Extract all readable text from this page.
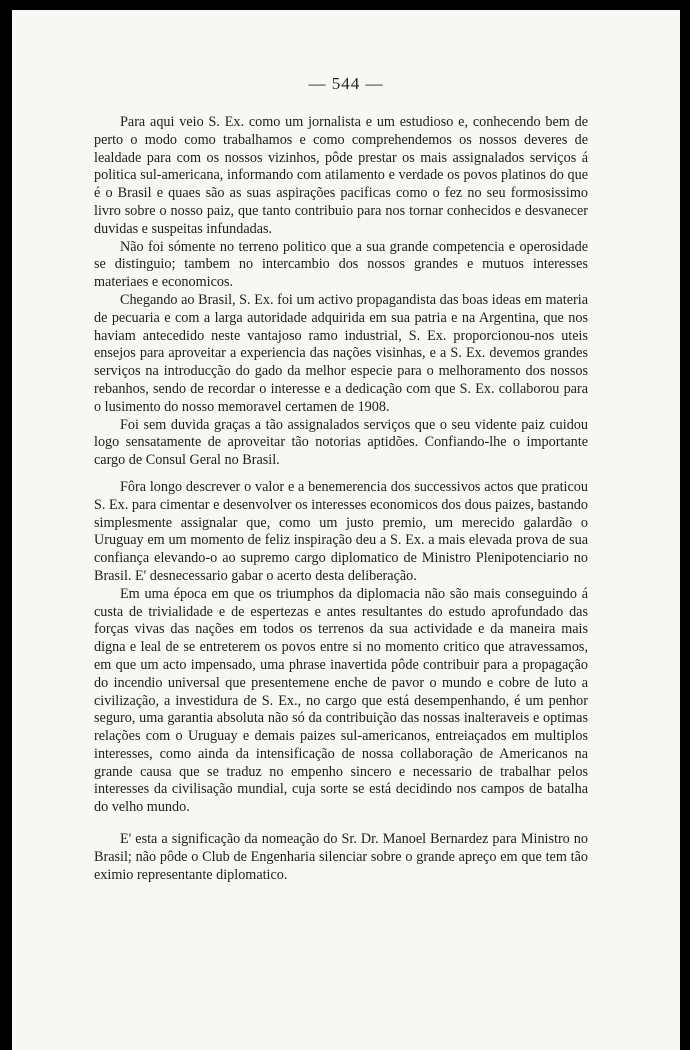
— 544 —

Para aqui veio S. Ex. como um jornalista e um estudioso e, conhecendo bem de perto o modo como trabalhamos e como comprehendemos os nossos deveres de lealdade para com os nossos vizinhos, pôde prestar os mais assignalados serviços á politica sul-americana, informando com atilamento e verdade os povos platinos do que é o Brasil e quaes são as suas aspirações pacificas como o fez no seu formosissimo livro sobre o nosso paiz, que tanto contribuio para nos tornar conhecidos e desvanecer duvidas e suspeitas infundadas.

Não foi sómente no terreno politico que a sua grande competencia e operosidade se distinguio; tambem no intercambio dos nossos grandes e mutuos interesses materiaes e economicos.

Chegando ao Brasil, S. Ex. foi um activo propagandista das boas ideas em materia de pecuaria e com a larga autoridade adquirida em sua patria e na Argentina, que nos haviam antecedido neste vantajoso ramo industrial, S. Ex. proporcionou-nos uteis ensejos para aproveitar a experiencia das nações visinhas, e a S. Ex. devemos grandes serviços na introducção do gado da melhor especie para o melhoramento dos nossos rebanhos, sendo de recordar o interesse e a dedicação com que S. Ex. collaborou para o lusimento do nosso memoravel certamen de 1908.

Foi sem duvida graças a tão assignalados serviços que o seu vidente paiz cuidou logo sensatamente de aproveitar tão notorias aptidões. Confiando-lhe o importante cargo de Consul Geral no Brasil.

Fôra longo descrever o valor e a benemerencia dos successivos actos que praticou S. Ex. para cimentar e desenvolver os interesses economicos dos dous paizes, bastando simplesmente assignalar que, como um justo premio, um merecido galardão o Uruguay em um momento de feliz inspiração deu a S. Ex. a mais elevada prova de sua confiança elevando-o ao supremo cargo diplomatico de Ministro Plenipotenciario no Brasil. E' desnecessario gabar o acerto desta deliberação.

Em uma época em que os triumphos da diplomacia não são mais conseguindo á custa de trivialidade e de espertezas e antes resultantes do estudo aprofundado das forças vivas das nações em todos os terrenos da sua actividade e da maneira mais digna e leal de se entreterem os povos entre si no momento critico que atravessamos, em que um acto impensado, uma phrase inavertida pôde contribuir para a propagação do incendio universal que presentemene enche de pavor o mundo e cobre de luto a civilização, a investidura de S. Ex., no cargo que está desempenhando, é um penhor seguro, uma garantia absoluta não só da contribuição das nossas inalteraveis e optimas relações com o Uruguay e demais paizes sul-americanos, entreiaçados em multiplos interesses, como ainda da intensificação de nossa collaboração de Americanos na grande causa que se traduz no empenho sincero e necessario de trabalhar pelos interesses da civilisação mundial, cuja sorte se está decidindo nos campos de batalha do velho mundo.

E' esta a significação da nomeação do Sr. Dr. Manoel Bernardez para Ministro no Brasil; não pôde o Club de Engenharia silenciar sobre o grande apreço em que tem tão eximio representante diplomatico.
